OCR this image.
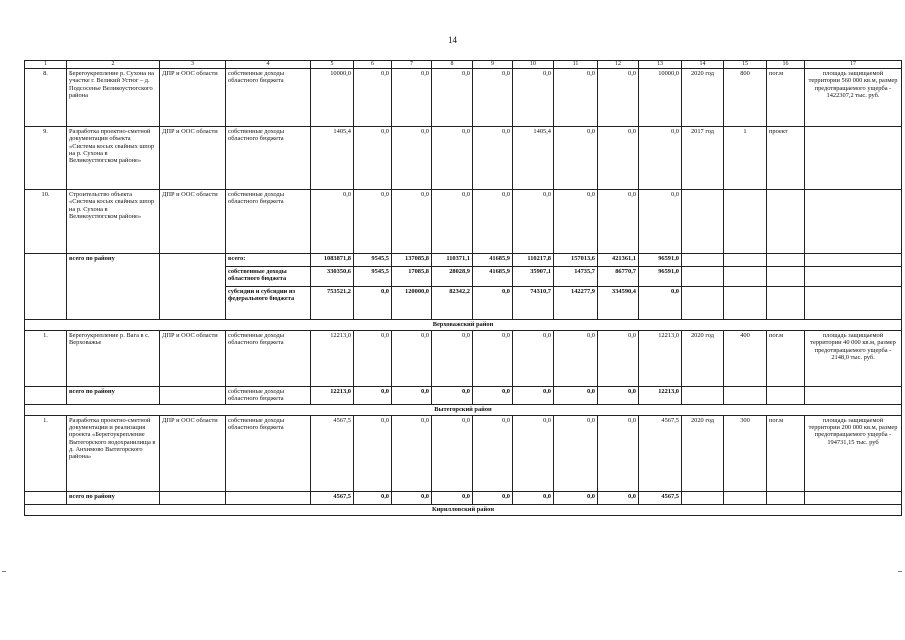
14
1	2	3	4	5	6	7	8	9	10	11	12	13	14	15	16	17
8.	Берегоукрепление р. Сухона на участке г. Великий Устюг – д. Подсосенье Великоустюгского района	ДПР и ООС области	собственные доходы областного бюджета	10000,0	0,0	0,0	0,0	0,0	0,0	0,0	0,0	10000,0	2020 год	800	пог.м	площадь защищаемой территории 560 000 кв.м, размер предотвращаемого ущерба - 1422307,2 тыс. руб.
9.	Разработка проектно-сметной документации объекта «Система косых свайных шпор на р. Сухона в Великоустюгском районе»	ДПР и ООС области	собственные доходы областного бюджета	1405,4	0,0	0,0	0,0	0,0	1405,4	0,0	0,0	0,0	2017 год	1	проект	
10.	Строительство объекта «Система косых свайных шпор на р. Сухона в Великоустюгском районе»	ДПР и ООС области	собственные доходы областного бюджета	0,0	0,0	0,0	0,0	0,0	0,0	0,0	0,0	0,0				
	всего по району		всего:	1083871,8	9545,5	137085,8	110371,1	41685,9	110217,8	157013,6	421361,1	96591,0				
			собственные доходы областного бюджета	330350,6	9545,5	17085,8	28028,9	41685,9	35907,1	14735,7	86770,7	96591,0				
			субсидии и субсидии из федерального бюджета	753521,2	0,0	120000,0	82342,2	0,0	74310,7	142277,9	334590,4	0,0				
Верховажский район																
1.	Берегоукрепление р. Вага в с. Верховажье	ДПР и ООС области	собственные доходы областного бюджета	12213,0	0,0	0,0	0,0	0,0	0,0	0,0	0,0	12213,0	2020 год	400	пог.м	площадь защищаемой территории 40 000 кв.м, размер предотвращаемого ущерба - 2148,0 тыс. руб.
	всего по району		собственные доходы областного бюджета	12213,0	0,0	0,0	0,0	0,0	0,0	0,0	0,0	12213,0				
Вытегорский район																
1.	Разработка проектно-сметной документации и реализация проекта «Берегоукрепление Вытегорского водохранилища в д. Анхимово Вытегорского района»	ДПР и ООС области	собственные доходы областного бюджета	4567,5	0,0	0,0	0,0	0,0	0,0	0,0	0,0	4567,5	2020 год	300	пог.м	площадь защищаемой территории 200 000 кв.м, размер предотвращаемого ущерба - 194731,15 тыс. руб
	всего по району			4567,5	0,0	0,0	0,0	0,0	0,0	0,0	0,0	4567,5				
Кирилловский район																
